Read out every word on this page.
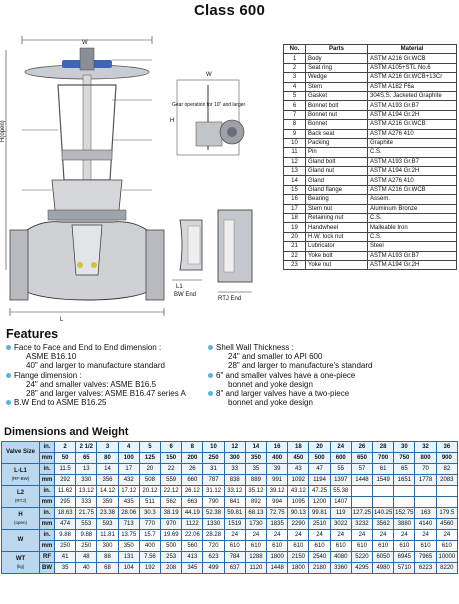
Class 600
L
W
H(open)
Gear operation for 10" and larger
W
H
L1
BW End
RTJ End
No.	Parts	Material
1	Body	ASTM A216 Gr.WCB
2	Seat ring	ASTM A105+STL No.6
3	Wedge	ASTM A216 Gr.WCB+13Cr
4	Stem	ASTM A182 F6a
5	Gasket	304S.S. Jacketed Graphite
6	Bonnet bolt	ASTM A193 Gr.B7
7	Bonnet nut	ASTM A194 Gr.2H
8	Bonnet	ASTM A216 Gr.WCB
9	Back seat	ASTM A276 410
10	Packing	Graphite
11	Pin	C.S.
12	Gland bolt	ASTM A193 Gr.B7
13	Gland nut	ASTM A194 Gr.2H
14	Gland	ASTM A276 410
15	Gland flange	ASTM A216 Gr.WCB
16	Bearing	Assem.
17	Stem nut	Aluminum Bronze
18	Retaining nut	C.S.
19	Handwheel	Malleable Iron
20	H.W. lock nut	C.S.
21	Lubricator	Steel
22	Yoke bolt	ASTM A193 Gr.B7
23	Yoke nut	ASTM A194 Gr.2H
Features
Face to Face and End to End dimension :
ASME B16.10
40" and larger to manufacture standard
Flange dimension :
24" and smaller valves: ASME B16.5
28" and larger valves: ASME B16.47 series A
B.W End to ASME B16.25
Shell Wall Thickness :
24" and smaller to API 600
28" and larger to manufacture's standard
6" and smaller valves have a one-piece
bonnet and yoke design
8" and larger valves have a two-piece
bonnet and yoke design
Dimensions and Weight
Valve Size	in.	2	2 1/2	3	4	5	6	8	10	12	14	16	18	20	24	26	28	30	32	36
	mm	50	65	80	100	125	150	200	250	300	350	400	450	500	600	650	700	750	800	900
L-L1
(RF-BW)	in.	11.5	13	14	17	20	22	26	31	33	35	39	43	47	55	57	61	65	70	82
	mm	292	330	356	432	508	559	660	787	838	889	991	1092	1194	1397	1448	1549	1651	1778	2083
L2
(RTJ)	in.	11.62	13.12	14.12	17.12	20.12	22.12	26.12	31.12	33.12	35.12	39.12	43.12	47.25	55.38					
	mm	295	333	359	435	511	562	663	790	841	892	994	1095	1200	1407					
H
(open)	in.	18.63	21.75	23.38	28.06	30.3	38.19	44.19	52.38	59.81	68.13	72.75	90.13	99.81	119	127.25	140.25	152.75	163	179.5
	mm	474	553	593	713	770	970	1122	1330	1519	1730	1835	2290	2510	3022	3232	3562	3880	4140	4560
W	in.	9.88	9.88	11.81	13.75	15.7	19.69	22.06	28.28	24	24	24	24	24	24	24	24	24	24	24
	mm	250	250	300	350	400	500	560	720	610	610	610	610	610	610	610	610	610	610	610
WT
(kg)	RF	41	48	88	131	7.56	253	413	623	784	1288	1800	2150	2540	4080	5220	6050	6945	7965	10000
	BW	35	40	68	104	192	208	345	499	637	1120	1448	1800	2180	3360	4295	4980	5710	6223	8220
